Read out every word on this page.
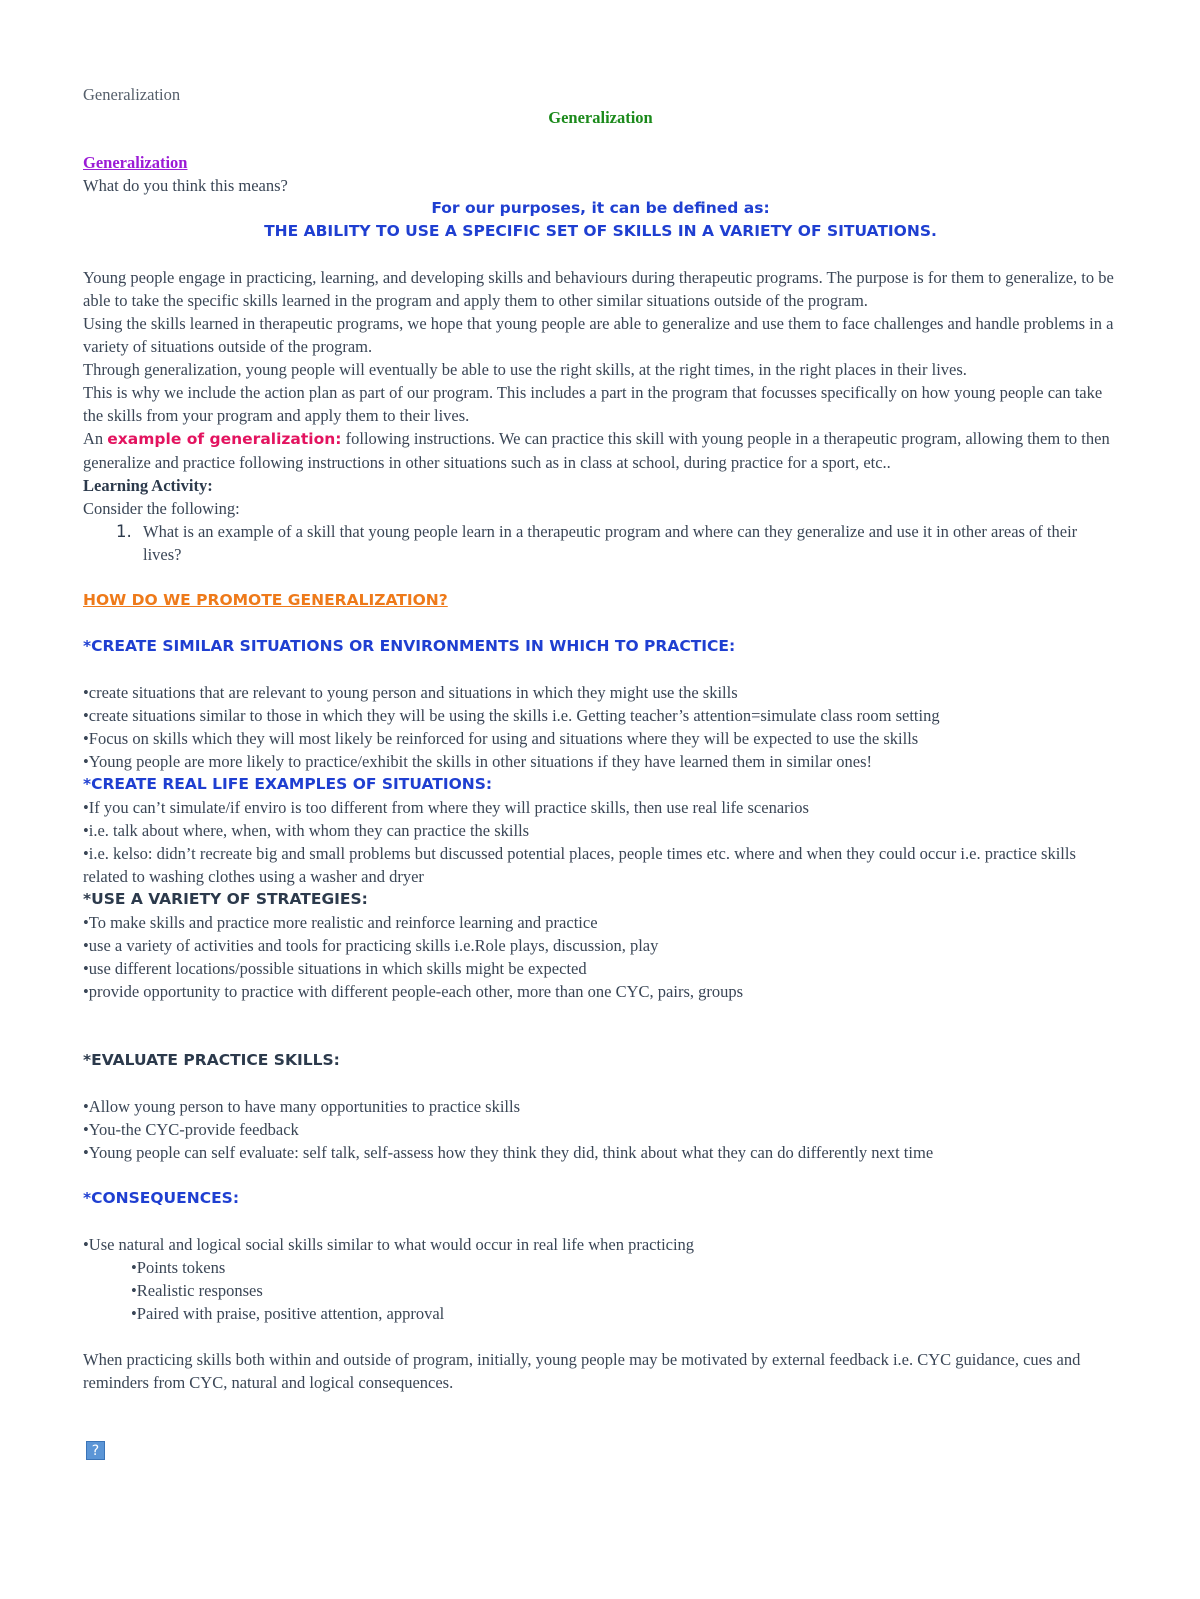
Generalization

Generalization

Generalization

What do you think this means?

For our purposes, it can be defined as:

THE ABILITY TO USE A SPECIFIC SET OF SKILLS IN A VARIETY OF SITUATIONS.

Young people engage in practicing, learning, and developing skills and behaviours during therapeutic programs. The purpose is for them to generalize, to be able to take the specific skills learned in the program and apply them to other similar situations outside of the program.

Using the skills learned in therapeutic programs, we hope that young people are able to generalize and use them to face challenges and handle problems in a variety of situations outside of the program.

Through generalization, young people will eventually be able to use the right skills, at the right times, in the right places in their lives.

This is why we include the action plan as part of our program. This includes a part in the program that focusses specifically on how young people can take the skills from your program and apply them to their lives.

An example of generalization: following instructions. We can practice this skill with young people in a therapeutic program, allowing them to then generalize and practice following instructions in other situations such as in class at school, during practice for a sport, etc..

Learning Activity:

Consider the following:

1. What is an example of a skill that young people learn in a therapeutic program and where can they generalize and use it in other areas of their lives?

HOW DO WE PROMOTE GENERALIZATION?

*CREATE SIMILAR SITUATIONS OR ENVIRONMENTS IN WHICH TO PRACTICE:

•create situations that are relevant to young person and situations in which they might use the skills

•create situations similar to those in which they will be using the skills i.e. Getting teacher’s attention=simulate class room setting

•Focus on skills which they will most likely be reinforced for using and situations where they will be expected to use the skills

•Young people are more likely to practice/exhibit the skills in other situations if they have learned them in similar ones!

*CREATE REAL LIFE EXAMPLES OF SITUATIONS:

•If you can’t simulate/if enviro is too different from where they will practice skills, then use real life scenarios

•i.e. talk about where, when, with whom they can practice the skills

•i.e. kelso: didn’t recreate big and small problems but discussed potential places, people times etc. where and when they could occur i.e. practice skills related to washing clothes using a washer and dryer

*USE A VARIETY OF STRATEGIES:

•To make skills and practice more realistic and reinforce learning and practice

•use a variety of activities and tools for practicing skills i.e.Role plays, discussion, play

•use different locations/possible situations in which skills might be expected

•provide opportunity to practice with different people-each other, more than one CYC, pairs, groups

*EVALUATE PRACTICE SKILLS:

•Allow young person to have many opportunities to practice skills

•You-the CYC-provide feedback

•Young people can self evaluate: self talk, self-assess how they think they did, think about what they can do differently next time

*CONSEQUENCES:

•Use natural and logical social skills similar to what would occur in real life when practicing

•Points tokens

•Realistic responses

•Paired with praise, positive attention, approval

When practicing skills both within and outside of program, initially, young people may be motivated by external feedback i.e. CYC guidance, cues and reminders from CYC, natural and logical consequences.

?
